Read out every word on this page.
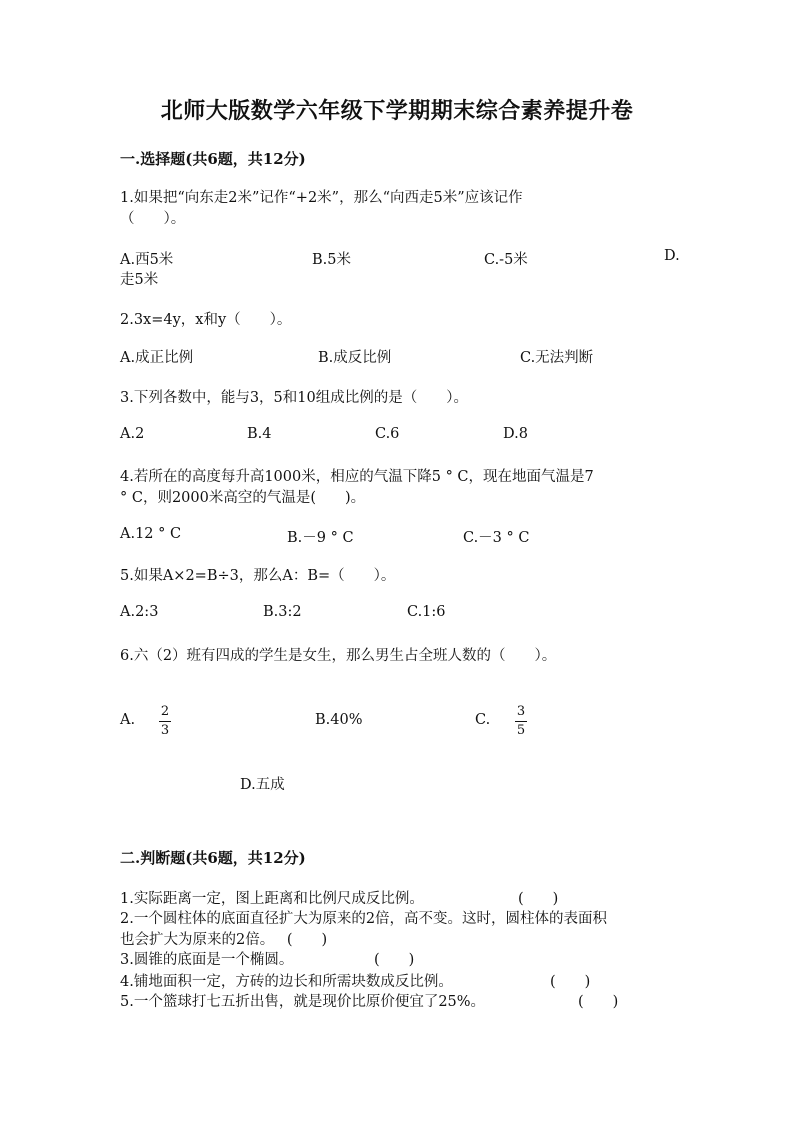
北师大版数学六年级下学期期末综合素养提升卷
一.选择题(共6题，共12分)
1.如果把“向东走2米”记作“+2米”，那么“向西走5米”应该记作
（　　）。
A.西5米	B.5米	C.-5米	D.
走5米
2.3x=4y，x和y（　　）。
A.成正比例	B.成反比例	C.无法判断
3.下列各数中，能与3，5和10组成比例的是（　　）。
A.2	B.4	C.6	D.8
4.若所在的高度每升高1000米，相应的气温下降5 ° C，现在地面气温是7
° C，则2000米高空的气温是(　　)。
A.12 ° C	B.－9 ° C	C.－3 ° C
5.如果A×2=B÷3，那么A：B=（　　）。
A.2:3	B.3:2	C.1:6
6.六（2）班有四成的学生是女生，那么男生占全班人数的（　　）。
A.
2
3
B.40%	C.
3
5
D.五成
二.判断题(共6题，共12分)
1.实际距离一定，图上距离和比例尺成反比例。	(　　)
2.一个圆柱体的底面直径扩大为原来的2倍，高不变。这时，圆柱体的表面积
也会扩大为原来的2倍。 (　　)
3.圆锥的底面是一个椭圆。	(　　)
4.铺地面积一定，方砖的边长和所需块数成反比例。	(　　)
5.一个篮球打七五折出售，就是现价比原价便宜了25%。	(　　)
